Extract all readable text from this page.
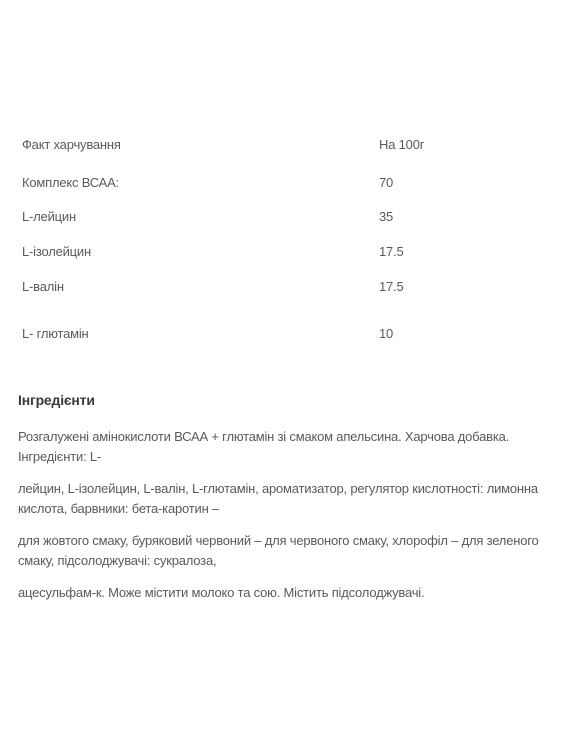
Факт харчування	На 100г
Комплекс ВСАА:	70
L-лейцин	35
L-ізолейцин	17.5
L-валін	17.5
L- глютамін	10

Інгредієнти

Розгалужені амінокислоти ВСАА + глютамін зі смаком апельсина. Харчова добавка. Інгредієнти: L-

лейцин, L-ізолейцин, L-валін, L-глютамін, ароматизатор, регулятор кислотності: лимонна кислота, барвники: бета-каротин –

для жовтого смаку, буряковий червоний – для червоного смаку, хлорофіл – для зеленого смаку, підсолоджувачі: сукралоза,

ацесульфам-к. Може містити молоко та сою. Містить підсолоджувачі.
